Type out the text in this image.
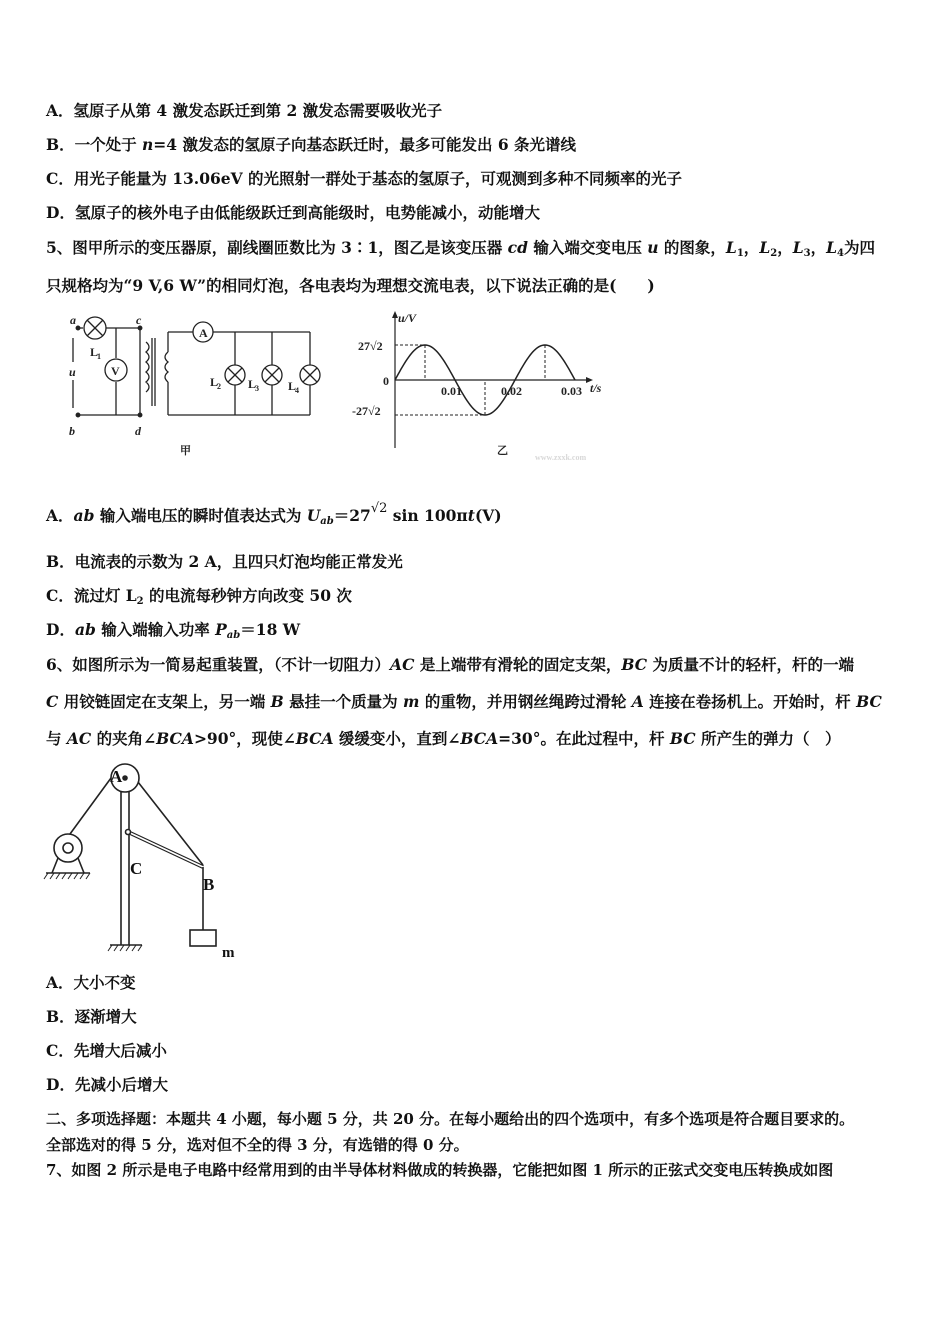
A．氢原子从第 4 激发态跃迁到第 2 激发态需要吸收光子
B．一个处于 n=4 激发态的氢原子向基态跃迁时，最多可能发出 6 条光谱线
C．用光子能量为 13.06eV 的光照射一群处于基态的氢原子，可观测到多种不同频率的光子
D．氢原子的核外电子由低能级跃迁到高能级时，电势能减小，动能增大
5、图甲所示的变压器原，副线圈匝数比为 3∶1，图乙是该变压器 cd 输入端交变电压 u 的图象，$L_1$，$L_2$，$L_3$，$L_4$为四
只规格均为“9 V,6 W”的相同灯泡，各电表均为理想交流电表，以下说法正确的是(　　)
a
b
c
d
u
L
1
V
A
L
2 L
3 L
4
甲
u/V
t/s
27√2
0
-27√2
0.01	0.02	0.03
乙
www.zxxk.com
A．ab 输入端电压的瞬时值表达式为 $U_{ab}=27^{√2}$ sin 100πt(V)
B．电流表的示数为 2 A，且四只灯泡均能正常发光
C．流过灯 $L_2$ 的电流每秒钟方向改变 50 次
D．ab 输入端输入功率 $P_{ab}=18$ W
6、如图所示为一简易起重装置，（不计一切阻力）AC 是上端带有滑轮的固定支架，BC 为质量不计的轻杆，杆的一端
C 用铰链固定在支架上，另一端 B 悬挂一个质量为 m 的重物，并用钢丝绳跨过滑轮 A 连接在卷扬机上。开始时，杆 BC
与 AC 的夹角∠BCA>90°，现使∠BCA 缓缓变小，直到∠BCA=30°。在此过程中，杆 BC 所产生的弹力（　）
A
C
B
m
A．大小不变
B．逐渐增大
C．先增大后减小
D．先减小后增大
二、多项选择题：本题共 4 小题，每小题 5 分，共 20 分。在每小题给出的四个选项中，有多个选项是符合题目要求的。
全部选对的得 5 分，选对但不全的得 3 分，有选错的得 0 分。
7、如图 2 所示是电子电路中经常用到的由半导体材料做成的转换器，它能把如图 1 所示的正弦式交变电压转换成如图
